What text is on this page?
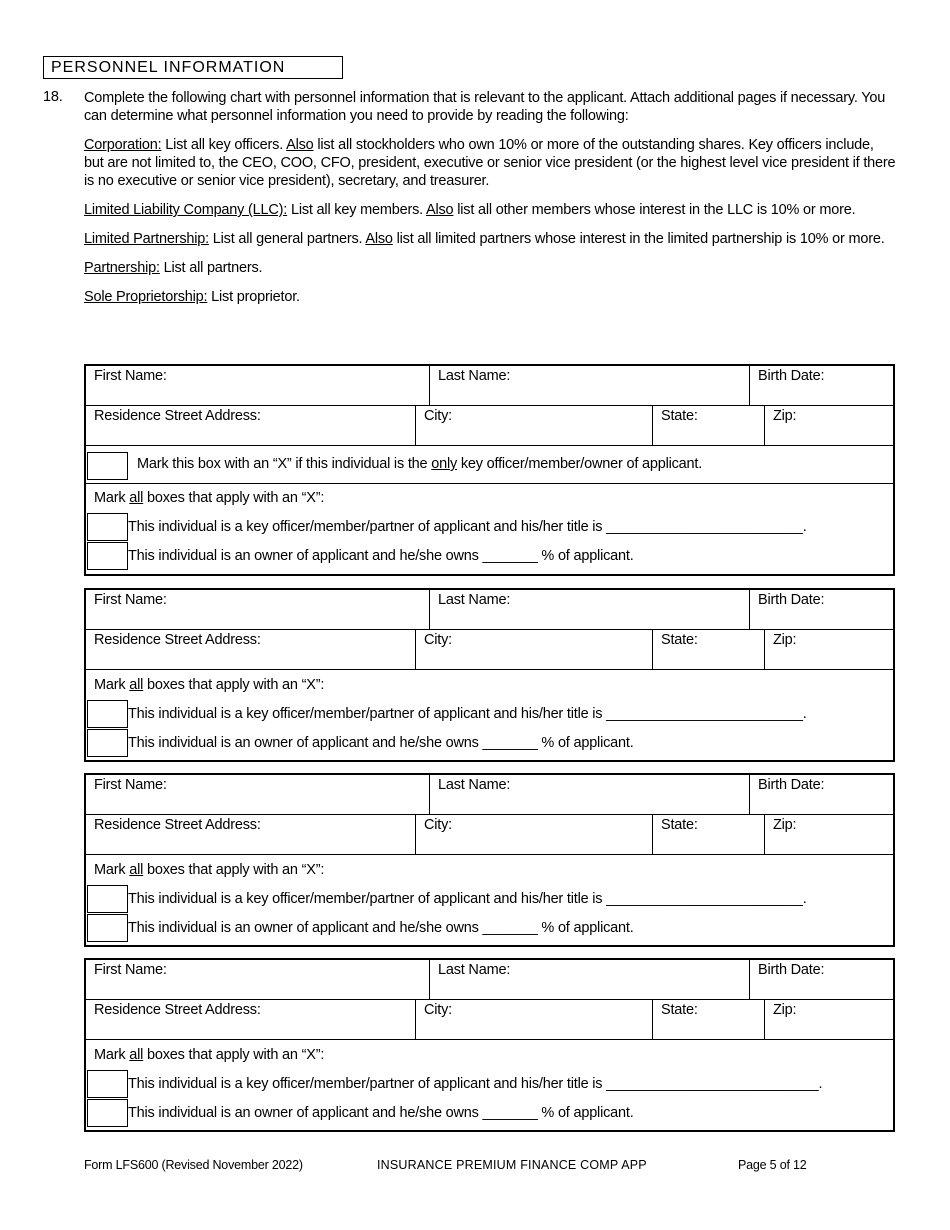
PERSONNEL INFORMATION
18. Complete the following chart with personnel information that is relevant to the applicant. Attach additional pages if necessary. You can determine what personnel information you need to provide by reading the following:

Corporation: List all key officers. Also list all stockholders who own 10% or more of the outstanding shares. Key officers include, but are not limited to, the CEO, COO, CFO, president, executive or senior vice president (or the highest level vice president if there is no executive or senior vice president), secretary, and treasurer.

Limited Liability Company (LLC): List all key members. Also list all other members whose interest in the LLC is 10% or more.

Limited Partnership: List all general partners. Also list all limited partners whose interest in the limited partnership is 10% or more.

Partnership: List all partners.

Sole Proprietorship: List proprietor.

First Name:	Last Name:	Birth Date:
Residence Street Address:	City:	State:	Zip:
Mark this box with an “X” if this individual is the only key officer/member/owner of applicant.
Mark all boxes that apply with an “X”:
This individual is a key officer/member/partner of applicant and his/her title is _________________________.
This individual is an owner of applicant and he/she owns _______ % of applicant.
First Name:	Last Name:	Birth Date:
Residence Street Address:	City:	State:	Zip:
Mark all boxes that apply with an “X”:
This individual is a key officer/member/partner of applicant and his/her title is _________________________.
This individual is an owner of applicant and he/she owns _______ % of applicant.
First Name:	Last Name:	Birth Date:
Residence Street Address:	City:	State:	Zip:
Mark all boxes that apply with an “X”:
This individual is a key officer/member/partner of applicant and his/her title is _________________________.
This individual is an owner of applicant and he/she owns _______ % of applicant.
First Name:	Last Name:	Birth Date:
Residence Street Address:	City:	State:	Zip:
Mark all boxes that apply with an “X”:
This individual is a key officer/member/partner of applicant and his/her title is ___________________________.
This individual is an owner of applicant and he/she owns _______ % of applicant.
Form LFS600 (Revised November 2022)	INSURANCE PREMIUM FINANCE COMP APP	Page 5 of 12
